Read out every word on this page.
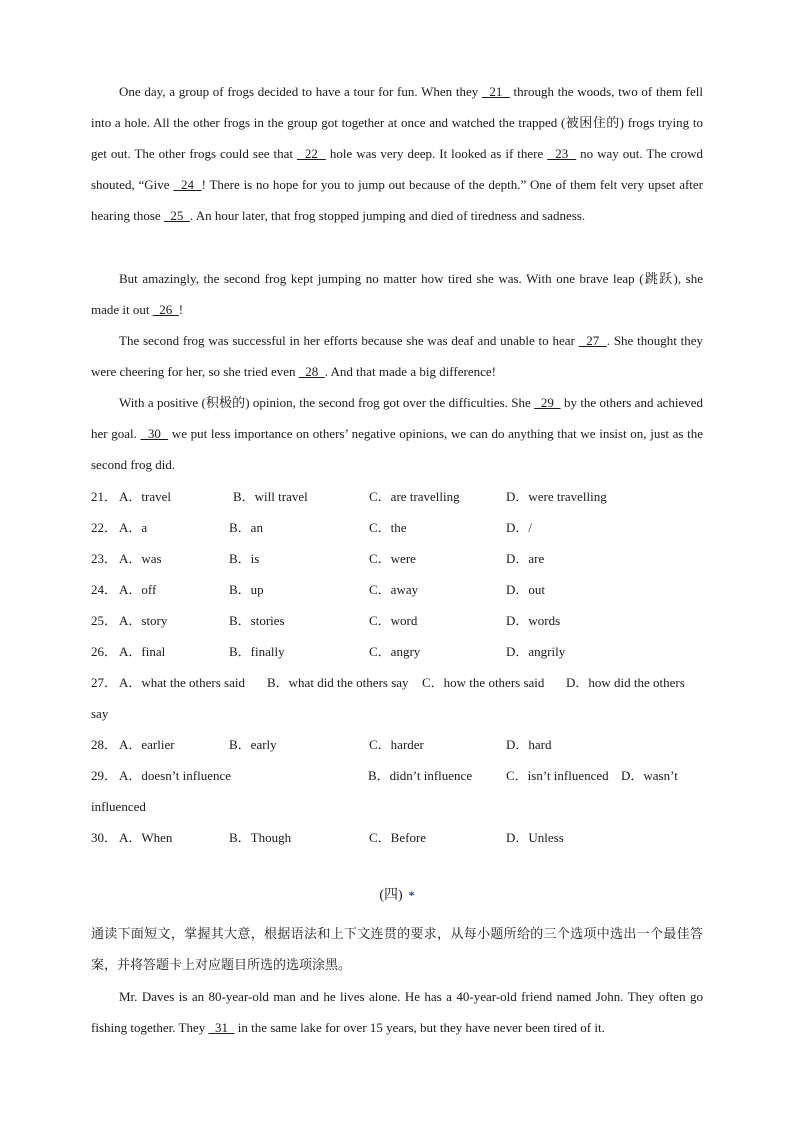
One day, a group of frogs decided to have a tour for fun. When they   21   through the woods, two of them fell into a hole. All the other frogs in the group got together at once and watched the trapped (被困住的) frogs trying to get out. The other frogs could see that   22   hole was very deep. It looked as if there   23   no way out. The crowd shouted, “Give   24  ! There is no hope for you to jump out because of the depth.” One of them felt very upset after hearing those   25  . An hour later, that frog stopped jumping and died of tiredness and sadness.
But amazingly, the second frog kept jumping no matter how tired she was. With one brave leap (跳跃), she made it out   26  !
The second frog was successful in her efforts because she was deaf and unable to hear   27  . She thought they were cheering for her, so she tried even   28  . And that made a big difference!
With a positive (积极的) opinion, the second frog got over the difficulties. She   29   by the others and achieved her goal.   30   we put less importance on others’ negative opinions, we can do anything that we insist on, just as the second frog did.
21． A．travel	B．will travel	C．are travelling	D．were travelling
22． A．a	B．an	C．the	D．/
23． A．was	B．is	C．were	D．are
24． A．off	B．up	C．away	D．out
25． A．story	B．stories	C．word	D．words
26． A．final	B．finally	C．angry	D．angrily
27． A．what the others said B．what did the others say C．how the others said D．how did the others
say
28． A．earlier	B．early	C．harder	D．hard
29． A．doesn’t influence	B．didn’t influence	C．isn’t influenced D．wasn’t
influenced
30． A．When	B．Though	C．Before	D．Unless
(四) *
通读下面短文，掌握其大意，根据语法和上下文连贯的要求，从每小题所给的三个选项中选出一个最佳答案，并将答题卡上对应题目所选的选项涂黑。
Mr. Daves is an 80-year-old man and he lives alone. He has a 40-year-old friend named John. They often go fishing together. They   31   in the same lake for over 15 years, but they have never been tired of it.
